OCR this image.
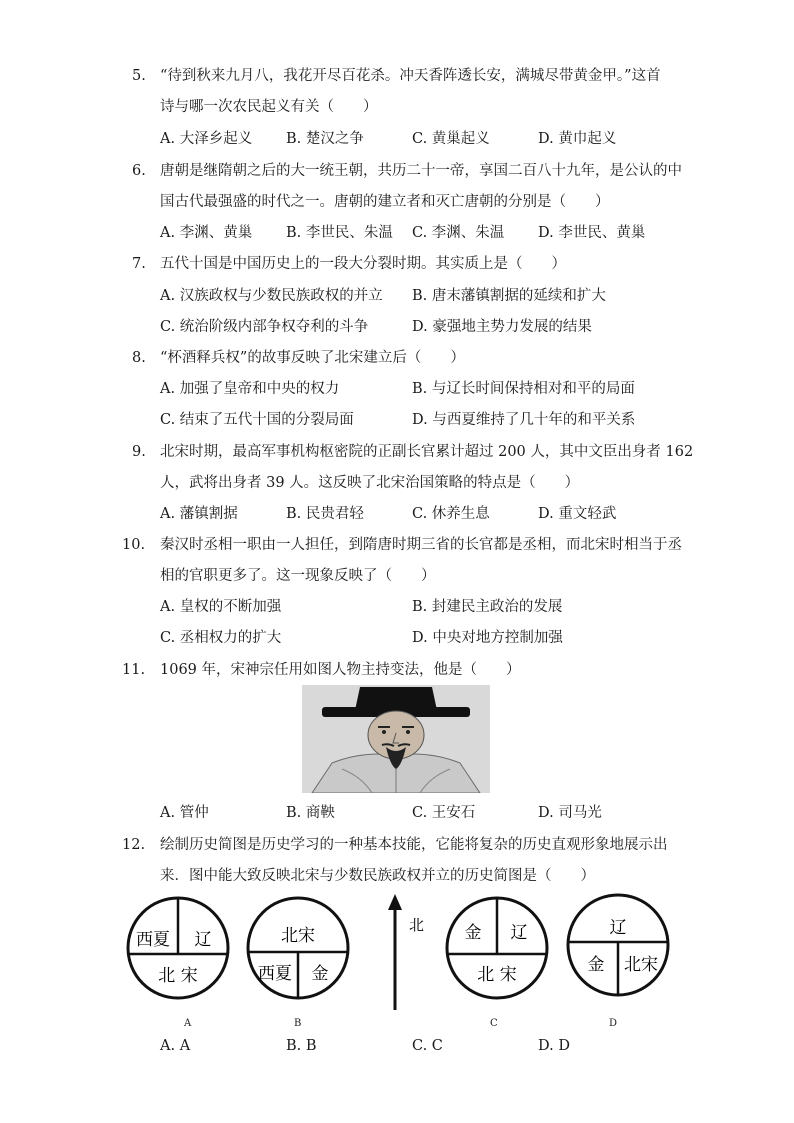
5. “待到秋来九月八，我花开尽百花杀。冲天香阵透长安，满城尽带黄金甲。”这首
诗与哪一次农民起义有关（　　）
A. 大泽乡起义 B. 楚汉之争	C. 黄巢起义	D. 黄巾起义
6. 唐朝是继隋朝之后的大一统王朝，共历二十一帝，享国二百八十九年，是公认的中
国古代最强盛的时代之一。唐朝的建立者和灭亡唐朝的分别是（　　）
A. 李渊、黄巢 B. 李世民、朱温 C. 李渊、朱温 D. 李世民、黄巢
7. 五代十国是中国历史上的一段大分裂时期。其实质上是（　　）
A. 汉族政权与少数民族政权的并立 B. 唐末藩镇割据的延续和扩大
C. 统治阶级内部争权夺利的斗争	D. 豪强地主势力发展的结果
8. “杯酒释兵权”的故事反映了北宋建立后（　　）
A. 加强了皇帝和中央的权力	B. 与辽长时间保持相对和平的局面
C. 结束了五代十国的分裂局面	D. 与西夏维持了几十年的和平关系
9. 北宋时期，最高军事机构枢密院的正副长官累计超过 200 人，其中文臣出身者 162
人，武将出身者 39 人。这反映了北宋治国策略的特点是（　　）
A. 藩镇割据	B. 民贵君轻	C. 休养生息	D. 重文轻武
10. 秦汉时丞相一职由一人担任，到隋唐时期三省的长官都是丞相，而北宋时相当于丞
相的官职更多了。这一现象反映了（　　）
A. 皇权的不断加强	B. 封建民主政治的发展
C. 丞相权力的扩大	D. 中央对地方控制加强
11. 1069 年，宋神宗任用如图人物主持变法，他是（　　）
A. 管仲	B. 商鞅	C. 王安石	D. 司马光
12. 绘制历史简图是历史学习的一种基本技能，它能将复杂的历史直观形象地展示出
来．图中能大致反映北宋与少数民族政权并立的历史简图是（　　）
西夏 辽
北 宋
北宋
西夏 金
北 金 辽
北 宋
辽
金 北宋
A	B	C	D
A. A	B. B	C. C	D. D
